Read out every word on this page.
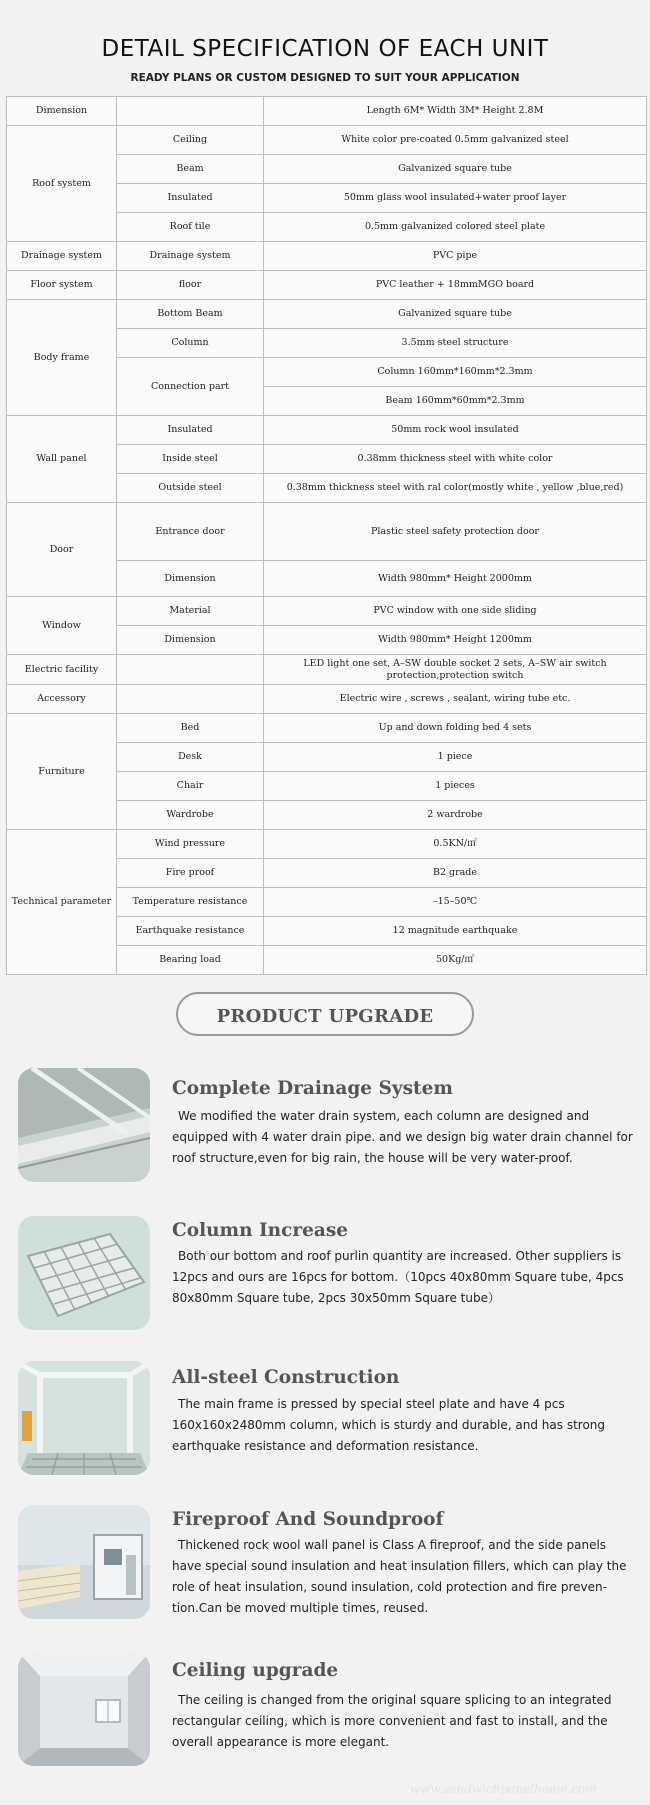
DETAIL SPECIFICATION OF EACH UNIT
READY PLANS OR CUSTOM DESIGNED TO SUIT YOUR APPLICATION
Dimension		Length 6M* Width 3M* Height 2.8M
Roof system	Ceiling	White color pre-coated 0.5mm galvanized steel
	Beam	Galvanized square tube
	Insulated	50mm glass wool insulated+water proof layer
	Roof tile	0.5mm galvanized colored steel plate
Drainage system	Drainage system	PVC pipe
Floor system	floor	PVC leather + 18mmMGO board
Body frame	Bottom Beam	Galvanized square tube
	Column	3.5mm steel structure
	Connection part	Column 160mm*160mm*2.3mm
		Beam 160mm*60mm*2.3mm
Wall panel	Insulated	50mm rock wool insulated
	Inside steel	0.38mm thickness steel with white color
	Outside steel	0.38mm thickness steel with ral color(mostly white , yellow ,blue,red)
Door	Entrance door	Plastic steel safety protection door
	Dimension	Width 980mm* Height 2000mm
Window	Material	PVC window with one side sliding
	Dimension	Width 980mm* Height 1200mm
Electric facility		LED light one set, A–SW double socket 2 sets, A–SW air switch protection,protection switch
Accessory		Electric wire , screws , sealant, wiring tube etc.
Furniture	Bed	Up and down folding bed 4 sets
	Desk	1 piece
	Chair	1 pieces
	Wardrobe	2 wardrobe
Technical parameter	Wind pressure	0.5KN/㎡
	Fire proof	B2 grade
	Temperature resistance	–15–50℃
	Earthquake resistance	12 magnitude earthquake
	Bearing load	50Kg/㎡
PRODUCT UPGRADE
Complete Drainage System
We modified the water drain system, each column are designed and equipped with 4 water drain pipe. and we design big water drain channel for roof structure,even for big rain, the house will be very water-proof.
Column Increase
Both our bottom and roof purlin quantity are increased. Other suppliers is 12pcs and ours are 16pcs for bottom.（10pcs 40x80mm Square tube, 4pcs 80x80mm Square tube, 2pcs 30x50mm Square tube）
All-steel Construction
The main frame is pressed by special steel plate and have 4 pcs 160x160x2480mm column, which is sturdy and durable, and has strong earthquake resistance and deformation resistance.
Fireproof And Soundproof
Thickened rock wool wall panel is Class A fireproof, and the side panels have special sound insulation and heat insulation fillers, which can play the role of heat insulation, sound insulation, cold protection and fire preven-tion.Can be moved multiple times, reused.
Ceiling upgrade
The ceiling is changed from the original square splicing to an integrated rectangular ceiling, which is more convenient and fast to install, and the overall appearance is more elegant.
www.sandwichpanelhome.com
